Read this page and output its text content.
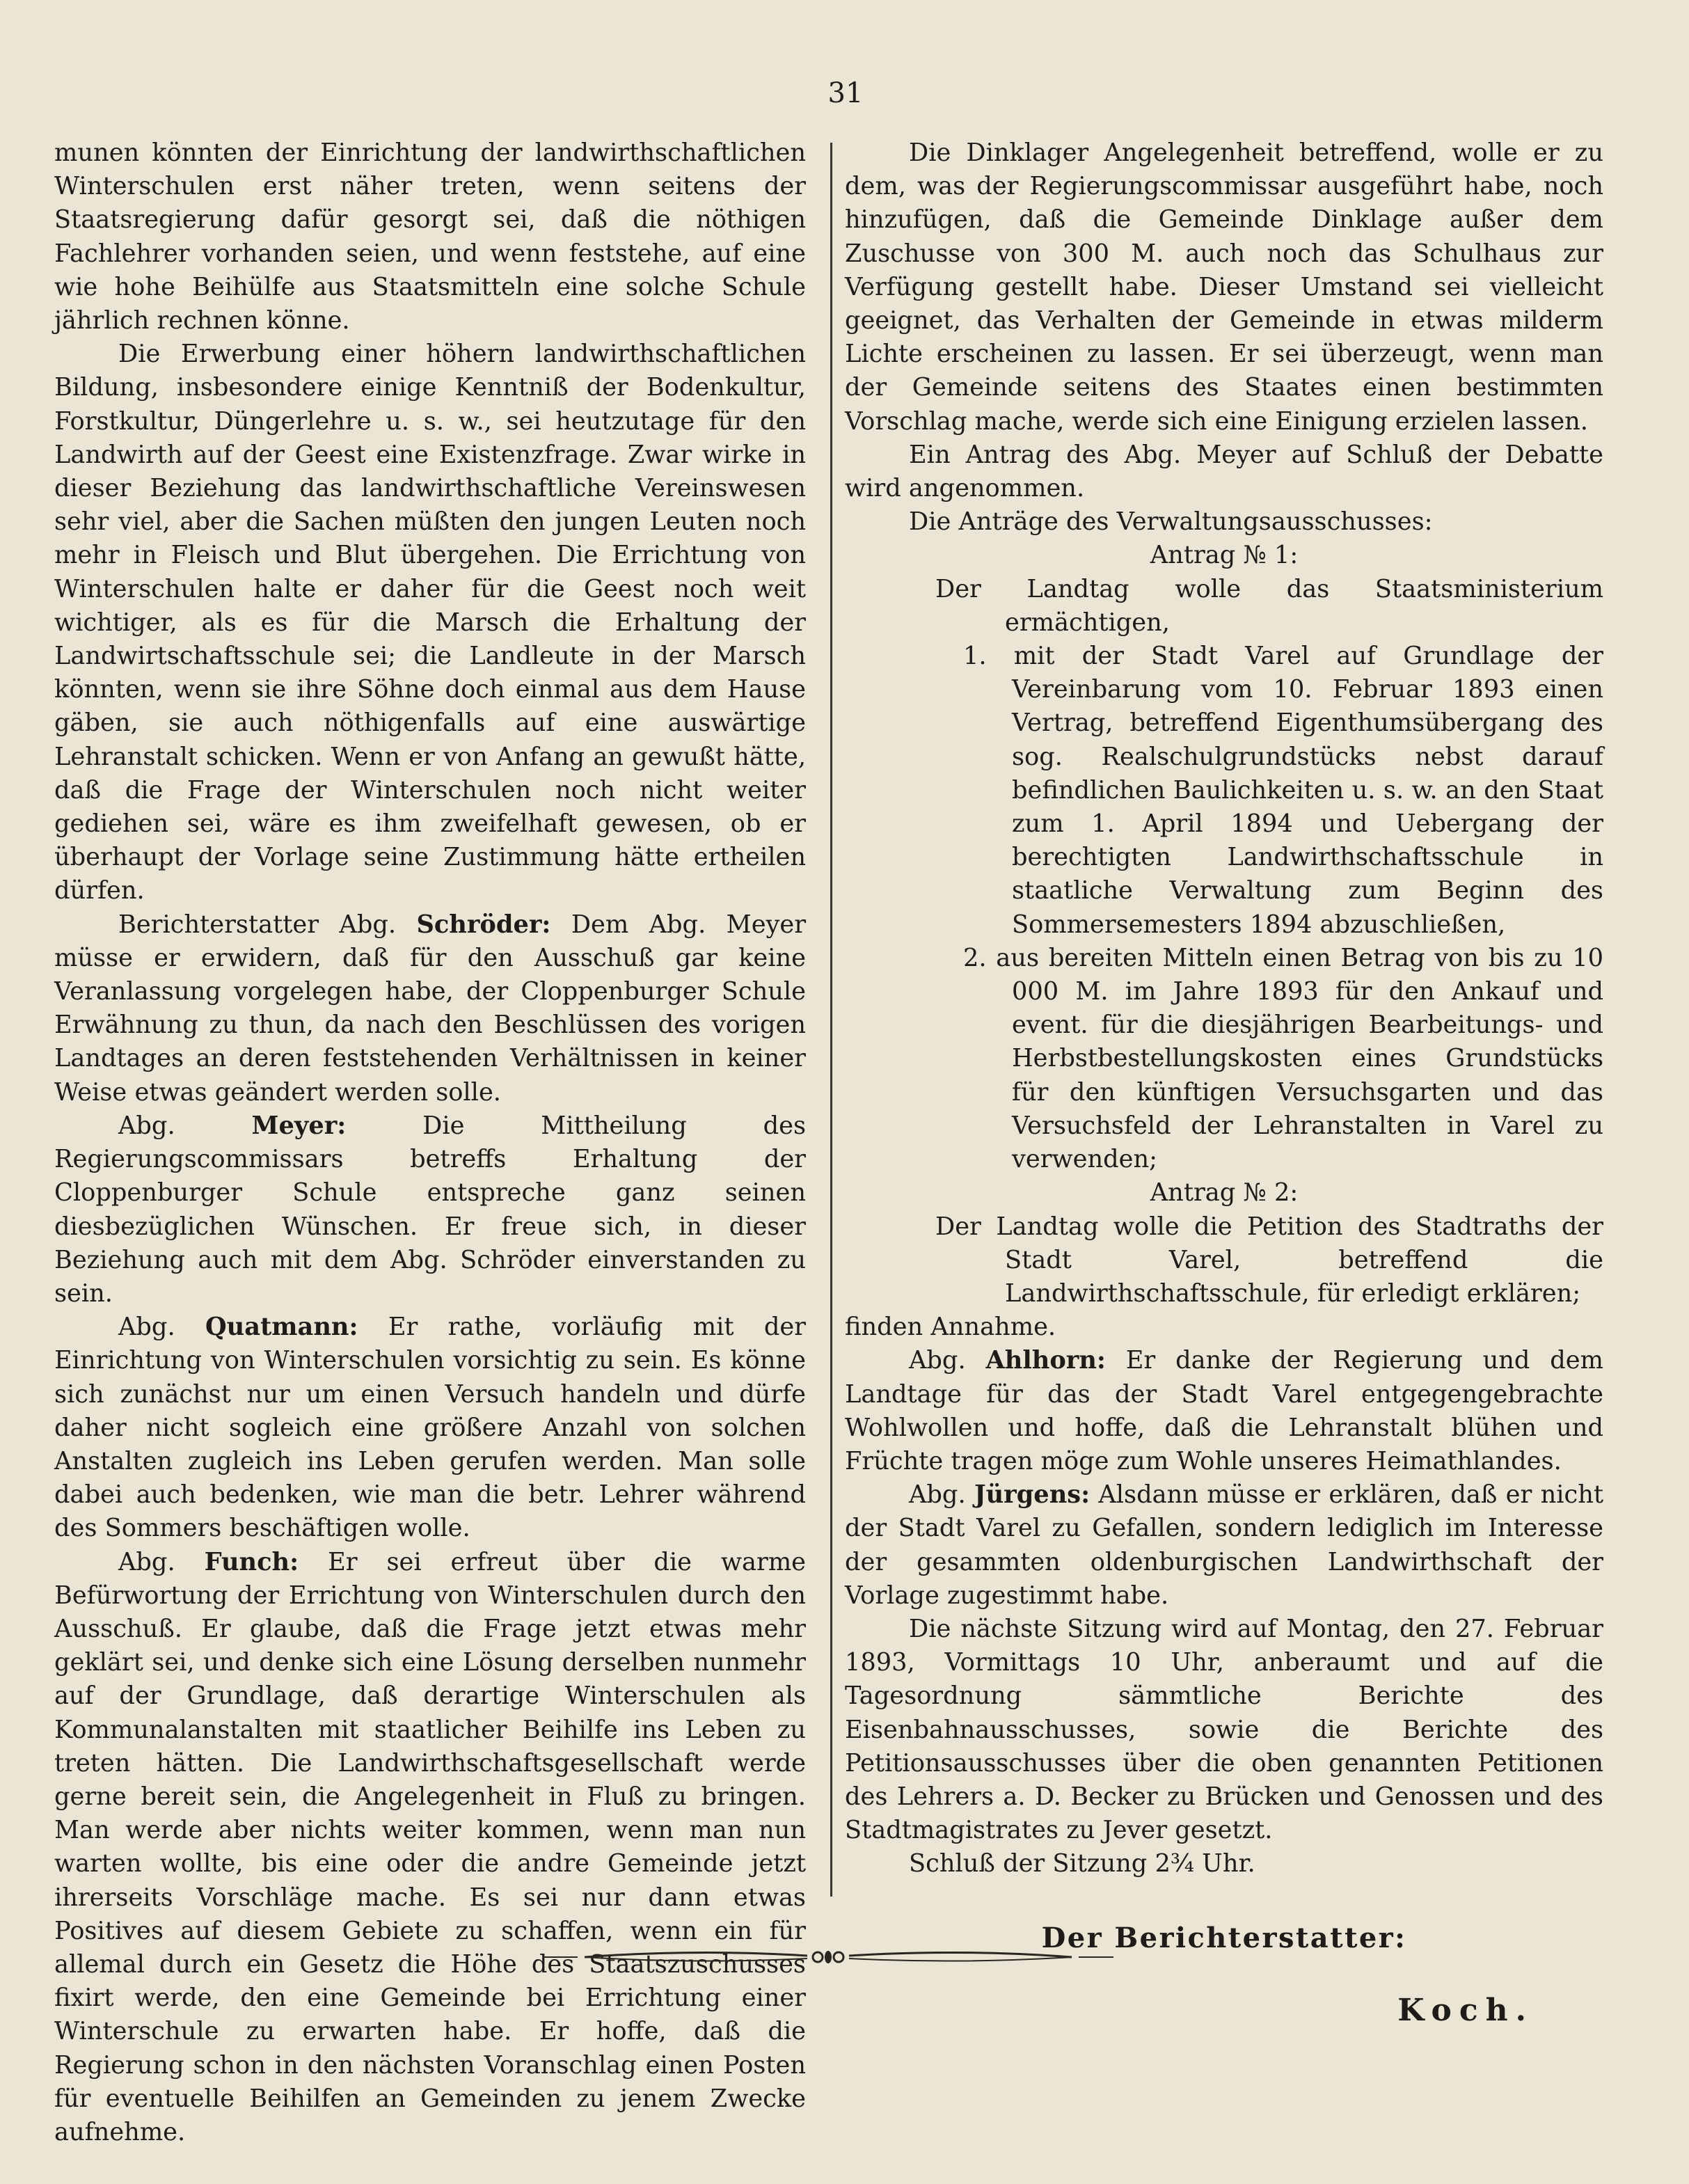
31

munen könnten der Einrichtung der landwirthschaftlichen Winterschulen erst näher treten, wenn seitens der Staatsregierung dafür gesorgt sei, daß die nöthigen Fachlehrer vorhanden seien, und wenn feststehe, auf eine wie hohe Beihülfe aus Staatsmitteln eine solche Schule jährlich rechnen könne.

Die Erwerbung einer höhern landwirthschaftlichen Bildung, insbesondere einige Kenntniß der Bodenkultur, Forstkultur, Düngerlehre u. s. w., sei heutzutage für den Landwirth auf der Geest eine Existenzfrage. Zwar wirke in dieser Beziehung das landwirthschaftliche Vereinswesen sehr viel, aber die Sachen müßten den jungen Leuten noch mehr in Fleisch und Blut übergehen. Die Errichtung von Winterschulen halte er daher für die Geest noch weit wichtiger, als es für die Marsch die Erhaltung der Landwirtschaftsschule sei; die Landleute in der Marsch könnten, wenn sie ihre Söhne doch einmal aus dem Hause gäben, sie auch nöthigenfalls auf eine auswärtige Lehranstalt schicken. Wenn er von Anfang an gewußt hätte, daß die Frage der Winterschulen noch nicht weiter gediehen sei, wäre es ihm zweifelhaft gewesen, ob er überhaupt der Vorlage seine Zustimmung hätte ertheilen dürfen.

Berichterstatter Abg. Schröder: Dem Abg. Meyer müsse er erwidern, daß für den Ausschuß gar keine Veranlassung vorgelegen habe, der Cloppenburger Schule Erwähnung zu thun, da nach den Beschlüssen des vorigen Landtages an deren feststehenden Verhältnissen in keiner Weise etwas geändert werden solle.

Abg.	Meyer:	Die Mittheilung des Regierungscommissars betreffs Erhaltung der Cloppenburger Schule entspreche ganz seinen diesbezüglichen Wünschen. Er freue sich, in dieser Beziehung auch mit dem Abg. Schröder einverstanden zu sein.

Abg. Quatmann: Er rathe, vorläufig mit der Einrichtung von Winterschulen vorsichtig zu sein. Es könne sich zunächst nur um einen Versuch handeln und dürfe daher nicht sogleich eine größere Anzahl von solchen Anstalten zugleich ins Leben gerufen werden. Man solle dabei auch bedenken, wie man die betr. Lehrer während des Sommers beschäftigen wolle.

Abg. Funch: Er sei erfreut über die warme Befürwortung der Errichtung von Winterschulen durch den Ausschuß. Er glaube, daß die Frage jetzt etwas mehr geklärt sei, und denke sich eine Lösung derselben nunmehr auf der Grundlage, daß derartige Winterschulen als Kommunalanstalten mit staatlicher Beihilfe ins Leben zu treten hätten. Die Landwirthschaftsgesellschaft werde gerne bereit sein, die Angelegenheit in Fluß zu bringen. Man werde aber nichts weiter kommen, wenn man nun warten wollte, bis eine oder die andre Gemeinde jetzt ihrerseits Vorschläge mache. Es sei nur dann etwas Positives auf diesem Gebiete zu schaffen, wenn ein für allemal durch ein Gesetz die Höhe des Staatszuschusses fixirt werde, den eine Gemeinde bei Errichtung einer Winterschule zu erwarten habe. Er hoffe, daß die Regierung schon in den nächsten Voranschlag einen Posten für eventuelle Beihilfen an Gemeinden zu jenem Zwecke aufnehme.

Die Dinklager Angelegenheit betreffend, wolle er zu dem, was der Regierungscommissar ausgeführt habe, noch hinzufügen, daß die Gemeinde Dinklage außer dem Zuschusse von 300 M. auch noch das Schulhaus zur Verfügung gestellt habe. Dieser Umstand sei vielleicht geeignet, das Verhalten der Gemeinde in etwas milderm Lichte erscheinen zu lassen. Er sei überzeugt, wenn man der Gemeinde seitens des Staates einen bestimmten Vorschlag mache, werde sich eine Einigung erzielen lassen.

Ein Antrag des Abg. Meyer auf Schluß der Debatte wird angenommen.

Die Anträge des Verwaltungsausschusses:

Antrag № 1:

Der Landtag wolle das Staatsministerium ermächtigen,

1. mit der Stadt Varel auf Grundlage der Vereinbarung vom 10. Februar 1893 einen Vertrag, betreffend Eigenthumsübergang des sog. Realschulgrundstücks nebst darauf befindlichen Baulichkeiten u. s. w. an den Staat zum 1. April 1894 und Uebergang der berechtigten Landwirthschaftsschule in staatliche Verwaltung zum Beginn des Sommersemesters 1894 abzuschließen,

2. aus bereiten Mitteln einen Betrag von bis zu 10 000 M. im Jahre 1893 für den Ankauf und event. für die diesjährigen Bearbeitungs- und Herbstbestellungskosten eines Grundstücks für den künftigen Versuchsgarten und das Versuchsfeld der Lehranstalten in Varel zu verwenden;

Antrag № 2:

Der Landtag wolle die Petition des Stadtraths der Stadt Varel, betreffend die Landwirthschaftsschule, für erledigt erklären;

finden Annahme.

Abg. Ahlhorn: Er danke der Regierung und dem Landtage für das der Stadt Varel entgegengebrachte Wohlwollen und hoffe, daß die Lehranstalt blühen und Früchte tragen möge zum Wohle unseres Heimathlandes.

Abg. Jürgens: Alsdann müsse er erklären, daß er nicht der Stadt Varel zu Gefallen, sondern lediglich im Interesse der gesammten oldenburgischen Landwirthschaft der Vorlage zugestimmt habe.

Die nächste Sitzung wird auf Montag, den 27. Februar 1893, Vormittags 10 Uhr, anberaumt und auf die Tagesordnung sämmtliche Berichte des Eisenbahnausschusses, sowie die Berichte des Petitionsausschusses über die oben genannten Petitionen des Lehrers a. D. Becker zu Brücken und Genossen und des Stadtmagistrates zu Jever gesetzt.

Schluß der Sitzung 2¾ Uhr.

Der Berichterstatter:

Koch.
